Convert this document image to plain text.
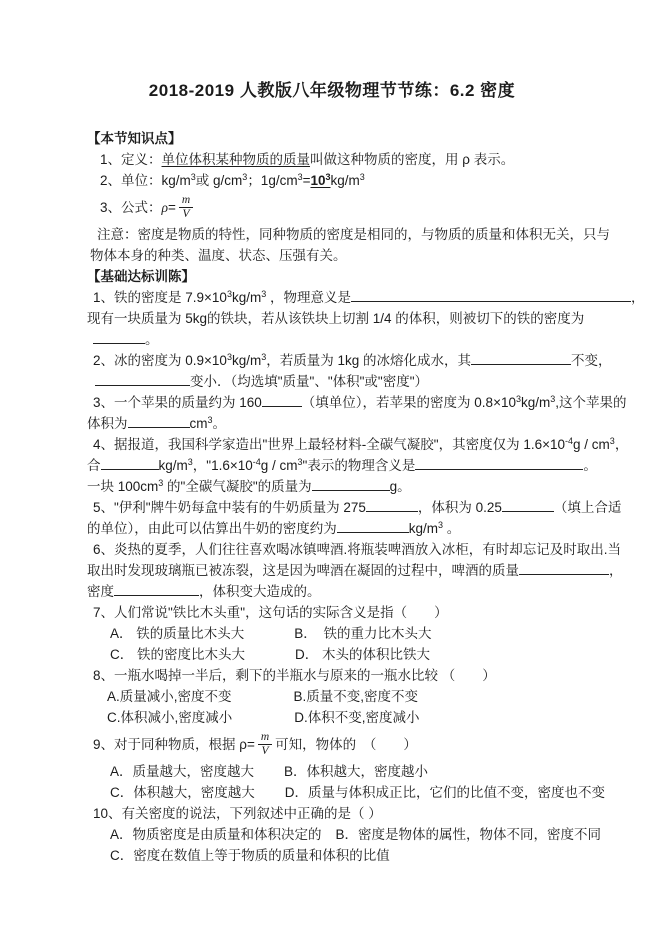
2018-2019 人教版八年级物理节节练：6.2 密度
【本节知识点】
1、定义：单位体积某种物质的质量叫做这种物质的密度，用 ρ 表示。
2、单位：$kg/m^3$或 $g/cm^3$；$1g/cm^3=10^3kg/m^3$
3、公式： $\rho = \frac{m}{V}$
注意：密度是物质的特性，同种物质的密度是相同的，与物质的质量和体积无关，只与
物体本身的种类、温度、状态、压强有关。
【基础达标训陈】
1、铁的密度是 $7.9\times 10^3kg/m^3$ ，物理意义是	，
现有一块质量为 5kg的铁块，若从该铁块上切割 1/4 的体积，则被切下的铁的密度为
。
2、冰的密度为 $0.9\times 10^3kg/m^3$，若质量为 1kg 的冰熔化成水，其	不变，
变小．（均选填"质量"、"体积"或"密度"）
3、一个苹果的质量约为 160	（填单位），若苹果的密度为 $0.8\times 10^3kg/m^3$,这个苹果的
体积为	$cm^3$。
4、据报道，我国科学家造出"世界上最轻材料-全碳气凝胶"，其密度仅为 $1.6\times 10^{-4}g / cm^3$，
合	$kg/m^3$，"$1.6\times 10^{-4}g / cm^3$"表示的物理含义是	。
一块 $100cm^3$ 的"全碳气凝胶"的质量为	g。
5、"伊利"牌牛奶每盒中装有的牛奶质量为 275	，体积为 0.25	（填上合适
的单位），由此可以估算出牛奶的密度约为	$kg/m^3$ 。
6、炎热的夏季，人们往往喜欢喝冰镇啤酒.将瓶装啤酒放入冰柜，有时却忘记及时取出.当
取出时发现玻璃瓶已被冻裂，这是因为啤酒在凝固的过程中，啤酒的质量	，
密度	，体积变大造成的。
7、人们常说"铁比木头重"，这句话的实际含义是指（　　）
A． 铁的质量比木头大	B．　铁的重力比木头大
C． 铁的密度比木头大	D． 木头的体积比铁大
8、一瓶水喝掉一半后，剩下的半瓶水与原来的一瓶水比较 （　　）
A.质量减小,密度不变	B.质量不变,密度不变
C.体积减小,密度减小	D.体积不变,密度减小
9、对于同种物质，根据 $\rho= \frac{m}{V}$ 可知，物体的　（　　）
A．质量越大，密度越大 B．体积越大，密度越小
C．体积越大，密度越大 D．质量与体积成正比，它们的比值不变，密度也不变
10、有关密度的说法，下列叙述中正确的是（ ）
A．物质密度是由质量和体积决定的 B．密度是物体的属性，物体不同，密度不同
C．密度在数值上等于物质的质量和体积的比值
